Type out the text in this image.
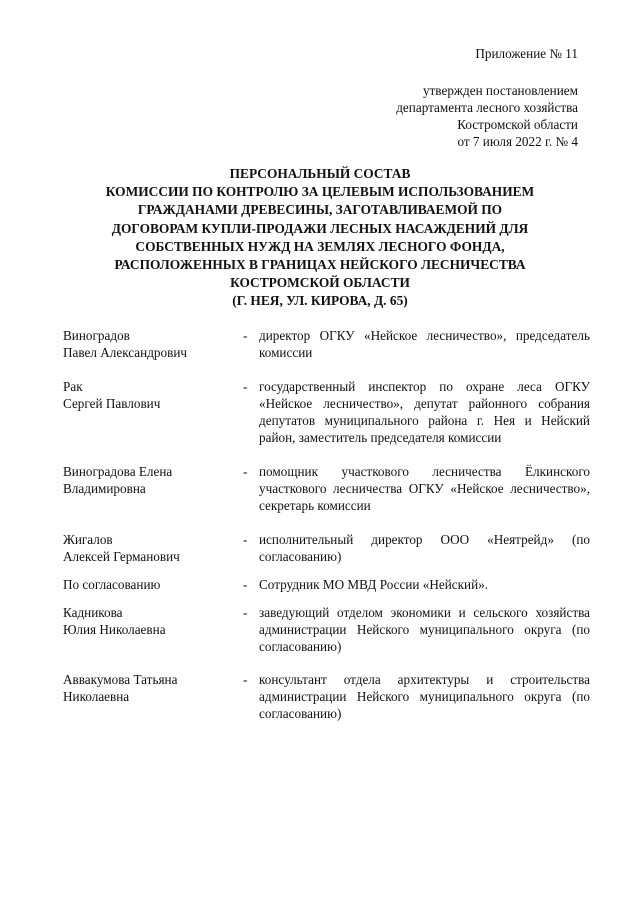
Приложение № 11
утвержден постановлением
департамента лесного хозяйства
Костромской области
от 7 июля 2022 г. № 4
ПЕРСОНАЛЬНЫЙ СОСТАВ
КОМИССИИ ПО КОНТРОЛЮ ЗА ЦЕЛЕВЫМ ИСПОЛЬЗОВАНИЕМ
ГРАЖДАНАМИ ДРЕВЕСИНЫ, ЗАГОТАВЛИВАЕМОЙ ПО
ДОГОВОРАМ КУПЛИ-ПРОДАЖИ ЛЕСНЫХ НАСАЖДЕНИЙ ДЛЯ
СОБСТВЕННЫХ НУЖД НА ЗЕМЛЯХ ЛЕСНОГО ФОНДА,
РАСПОЛОЖЕННЫХ В ГРАНИЦАХ НЕЙСКОГО ЛЕСНИЧЕСТВА
КОСТРОМСКОЙ ОБЛАСТИ
(Г. НЕЯ, УЛ. КИРОВА, Д. 65)
Виноградов
Павел Александрович
- директор ОГКУ «Нейское лесничество», председатель комиссии
Рак
Сергей Павлович
- государственный инспектор по охране леса ОГКУ «Нейское лесничество», депутат районного собрания депутатов муниципального района г. Нея и Нейский район, заместитель председателя комиссии
Виноградова Елена
Владимировна
- помощник участкового лесничества Ёлкинского участкового лесничества ОГКУ «Нейское лесничество», секретарь комиссии
Жигалов
Алексей Германович
- исполнительный директор ООО «Неятрейд» (по согласованию)
По согласованию	- Сотрудник МО МВД России «Нейский».
Кадникова
Юлия Николаевна
- заведующий отделом экономики и сельского хозяйства администрации Нейского муниципального округа (по согласованию)
Аввакумова Татьяна
Николаевна
- консультант отдела архитектуры и строительства администрации Нейского муниципального округа (по согласованию)
